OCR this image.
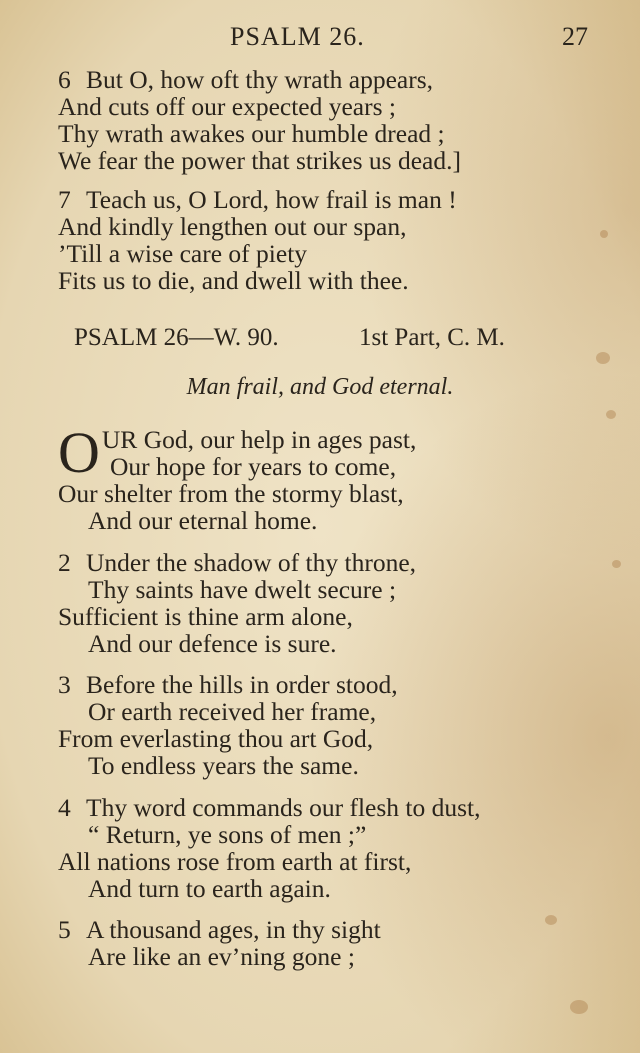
PSALM 26.	27
6 But O, how oft thy wrath appears,
And cuts off our expected years ;
Thy wrath awakes our humble dread ;
We fear the power that strikes us dead.]
7 Teach us, O Lord, how frail is man !
And kindly lengthen out our span,
’Till a wise care of piety
Fits us to die, and dwell with thee.
PSALM 26—W. 90.	1st Part, C. M.
Man frail, and God eternal.
O UR God, our help in ages past,
Our hope for years to come,
Our shelter from the stormy blast,
And our eternal home.
2 Under the shadow of thy throne,
Thy saints have dwelt secure ;
Sufficient is thine arm alone,
And our defence is sure.
3 Before the hills in order stood,
Or earth received her frame,
From everlasting thou art God,
To endless years the same.
4 Thy word commands our flesh to dust,
“ Return, ye sons of men ;”
All nations rose from earth at first,
And turn to earth again.
5 A thousand ages, in thy sight
Are like an ev’ning gone ;
